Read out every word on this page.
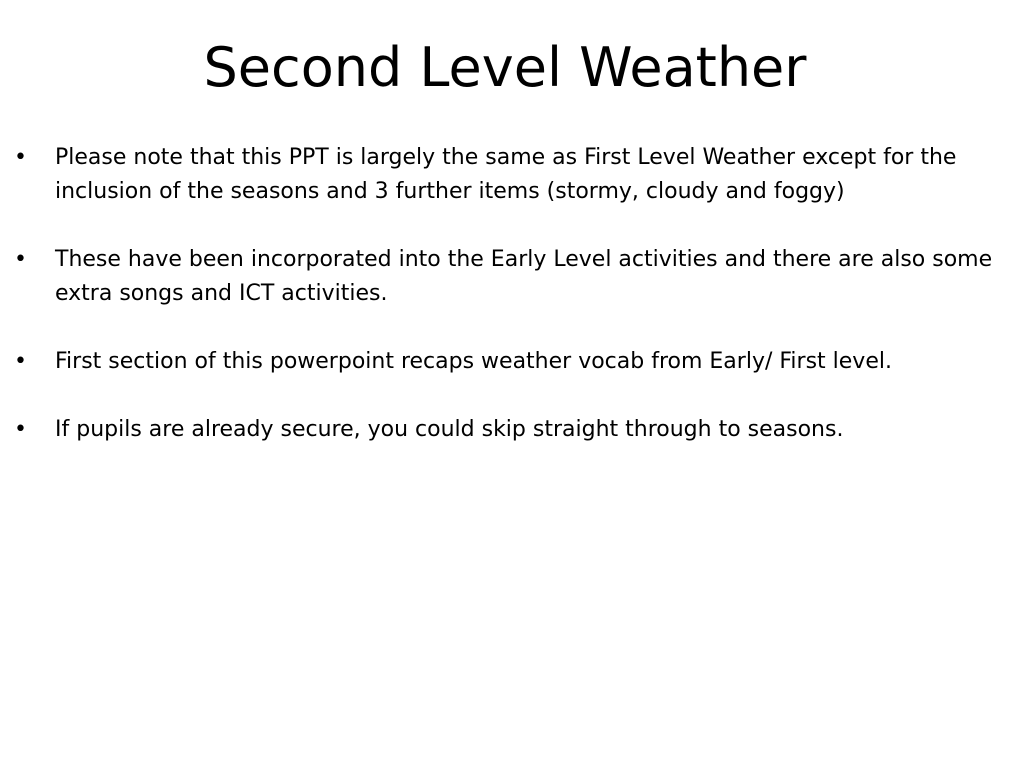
Second Level Weather
•	Please note that this PPT is largely the same as First Level Weather except for the inclusion of the seasons and 3 further items (stormy, cloudy and foggy)
•	These have been incorporated into the Early Level activities and there are also some extra songs and ICT activities.
•	First section of this powerpoint recaps weather vocab from Early/ First level.
•	If pupils are already secure, you could skip straight through to seasons.
